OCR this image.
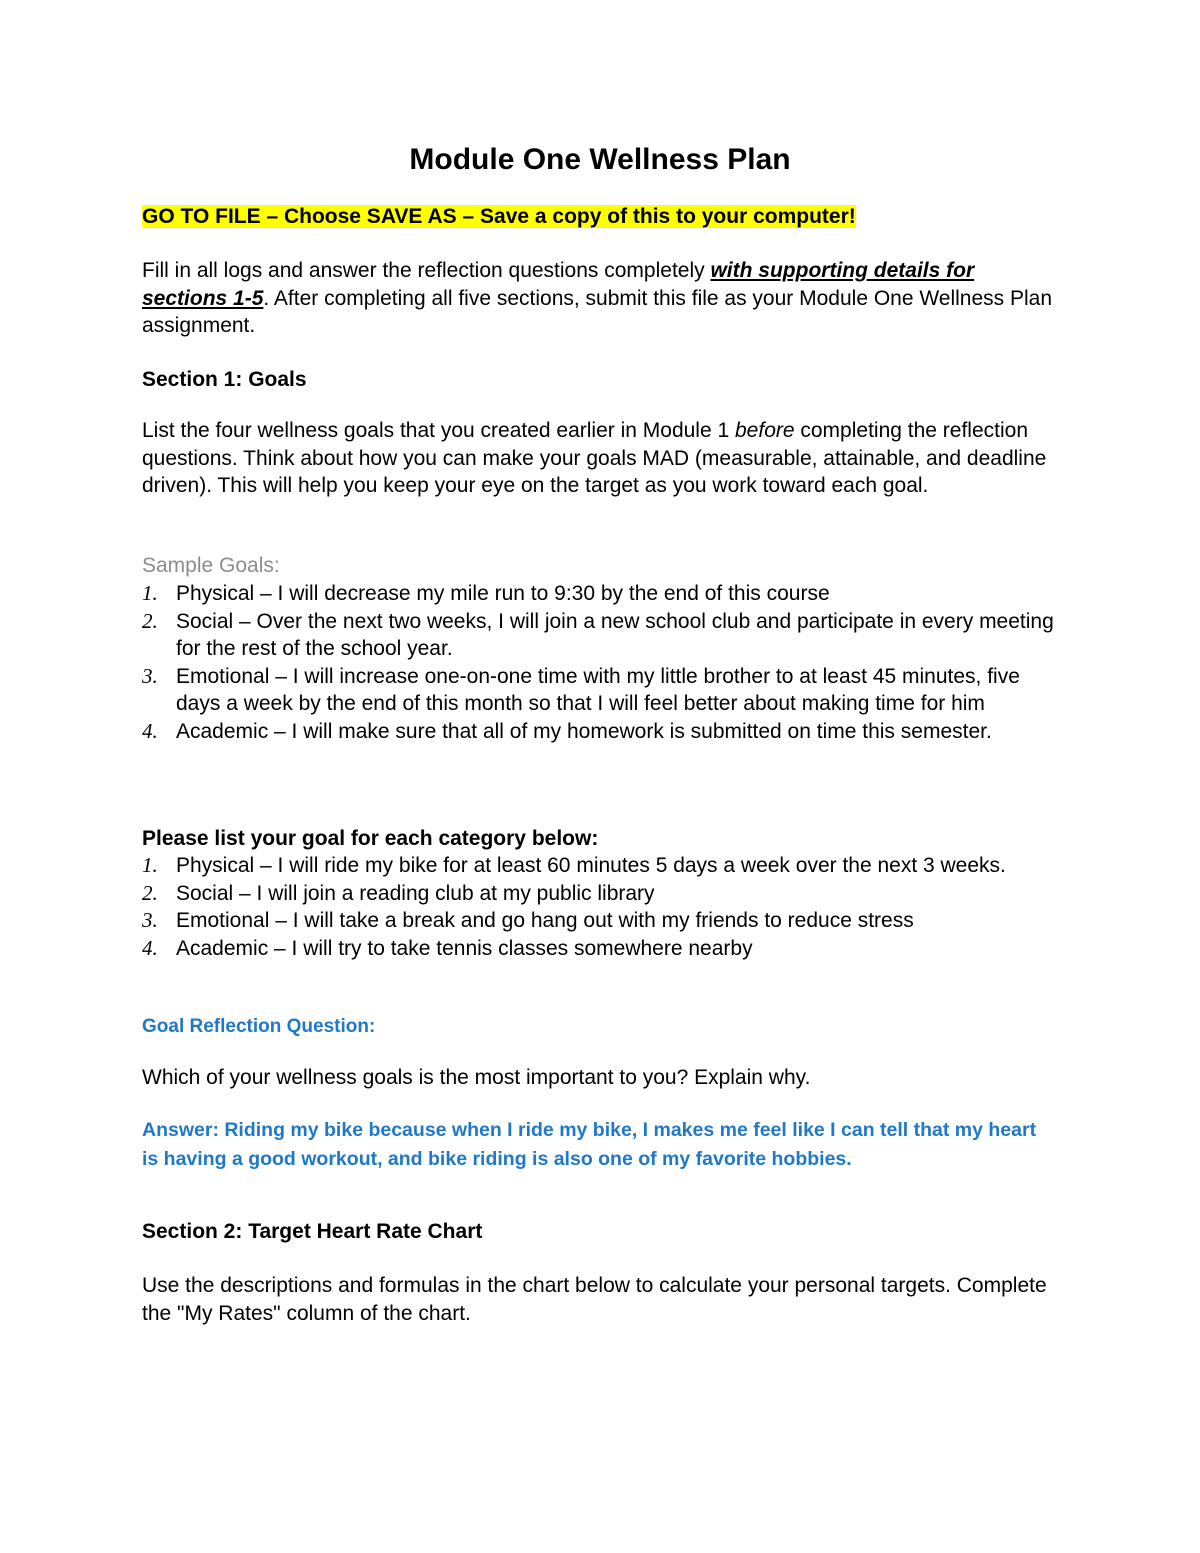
Module One Wellness Plan
GO TO FILE – Choose SAVE AS – Save a copy of this to your computer!
Fill in all logs and answer the reflection questions completely with supporting details for sections 1-5. After completing all five sections, submit this file as your Module One Wellness Plan assignment.
Section 1: Goals
List the four wellness goals that you created earlier in Module 1 before completing the reflection questions. Think about how you can make your goals MAD (measurable, attainable, and deadline driven). This will help you keep your eye on the target as you work toward each goal.
Sample Goals:
1. Physical – I will decrease my mile run to 9:30 by the end of this course
2. Social – Over the next two weeks, I will join a new school club and participate in every meeting for the rest of the school year.
3. Emotional – I will increase one-on-one time with my little brother to at least 45 minutes, five days a week by the end of this month so that I will feel better about making time for him
4. Academic – I will make sure that all of my homework is submitted on time this semester.
Please list your goal for each category below:
1. Physical – I will ride my bike for at least 60 minutes 5 days a week over the next 3 weeks.
2. Social – I will join a reading club at my public library
3. Emotional – I will take a break and go hang out with my friends to reduce stress
4. Academic – I will try to take tennis classes somewhere nearby
Goal Reflection Question:
Which of your wellness goals is the most important to you? Explain why.
Answer: Riding my bike because when I ride my bike, I makes me feel like I can tell that my heart is having a good workout, and bike riding is also one of my favorite hobbies.
Section 2: Target Heart Rate Chart
Use the descriptions and formulas in the chart below to calculate your personal targets. Complete the "My Rates" column of the chart.
